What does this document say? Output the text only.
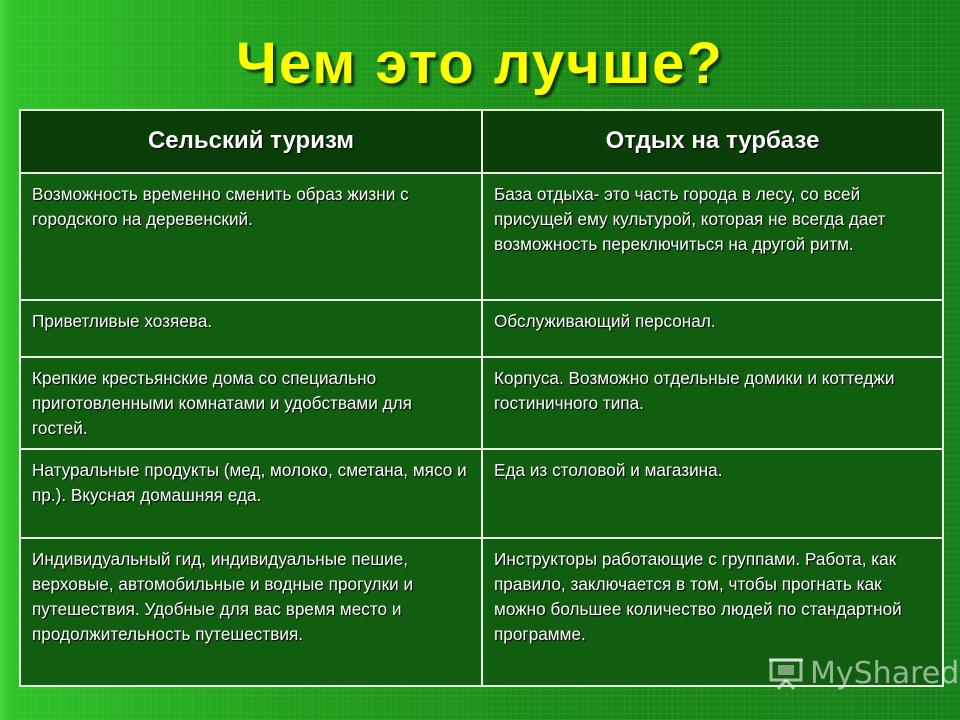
Чем это лучше?
Сельский туризм	Отдых на турбазе
Возможность временно сменить образ жизни с городского на деревенский.	База отдыха- это часть города в лесу, со всей присущей ему культурой, которая не всегда дает возможность переключиться на другой ритм.
Приветливые хозяева.	Обслуживающий персонал.
Крепкие крестьянские дома со специально приготовленными комнатами и удобствами для гостей.	Корпуса. Возможно отдельные домики и коттеджи гостиничного типа.
Натуральные продукты (мед, молоко, сметана, мясо и пр.). Вкусная домашняя еда.	Еда из столовой и магазина.
Индивидуальный гид, индивидуальные пешие, верховые, автомобильные и водные прогулки и путешествия. Удобные для вас время место и продолжительность путешествия.	Инструкторы работающие с группами. Работа, как правило, заключается в том, чтобы прогнать как можно большее количество людей по стандартной программе.
MyShared
